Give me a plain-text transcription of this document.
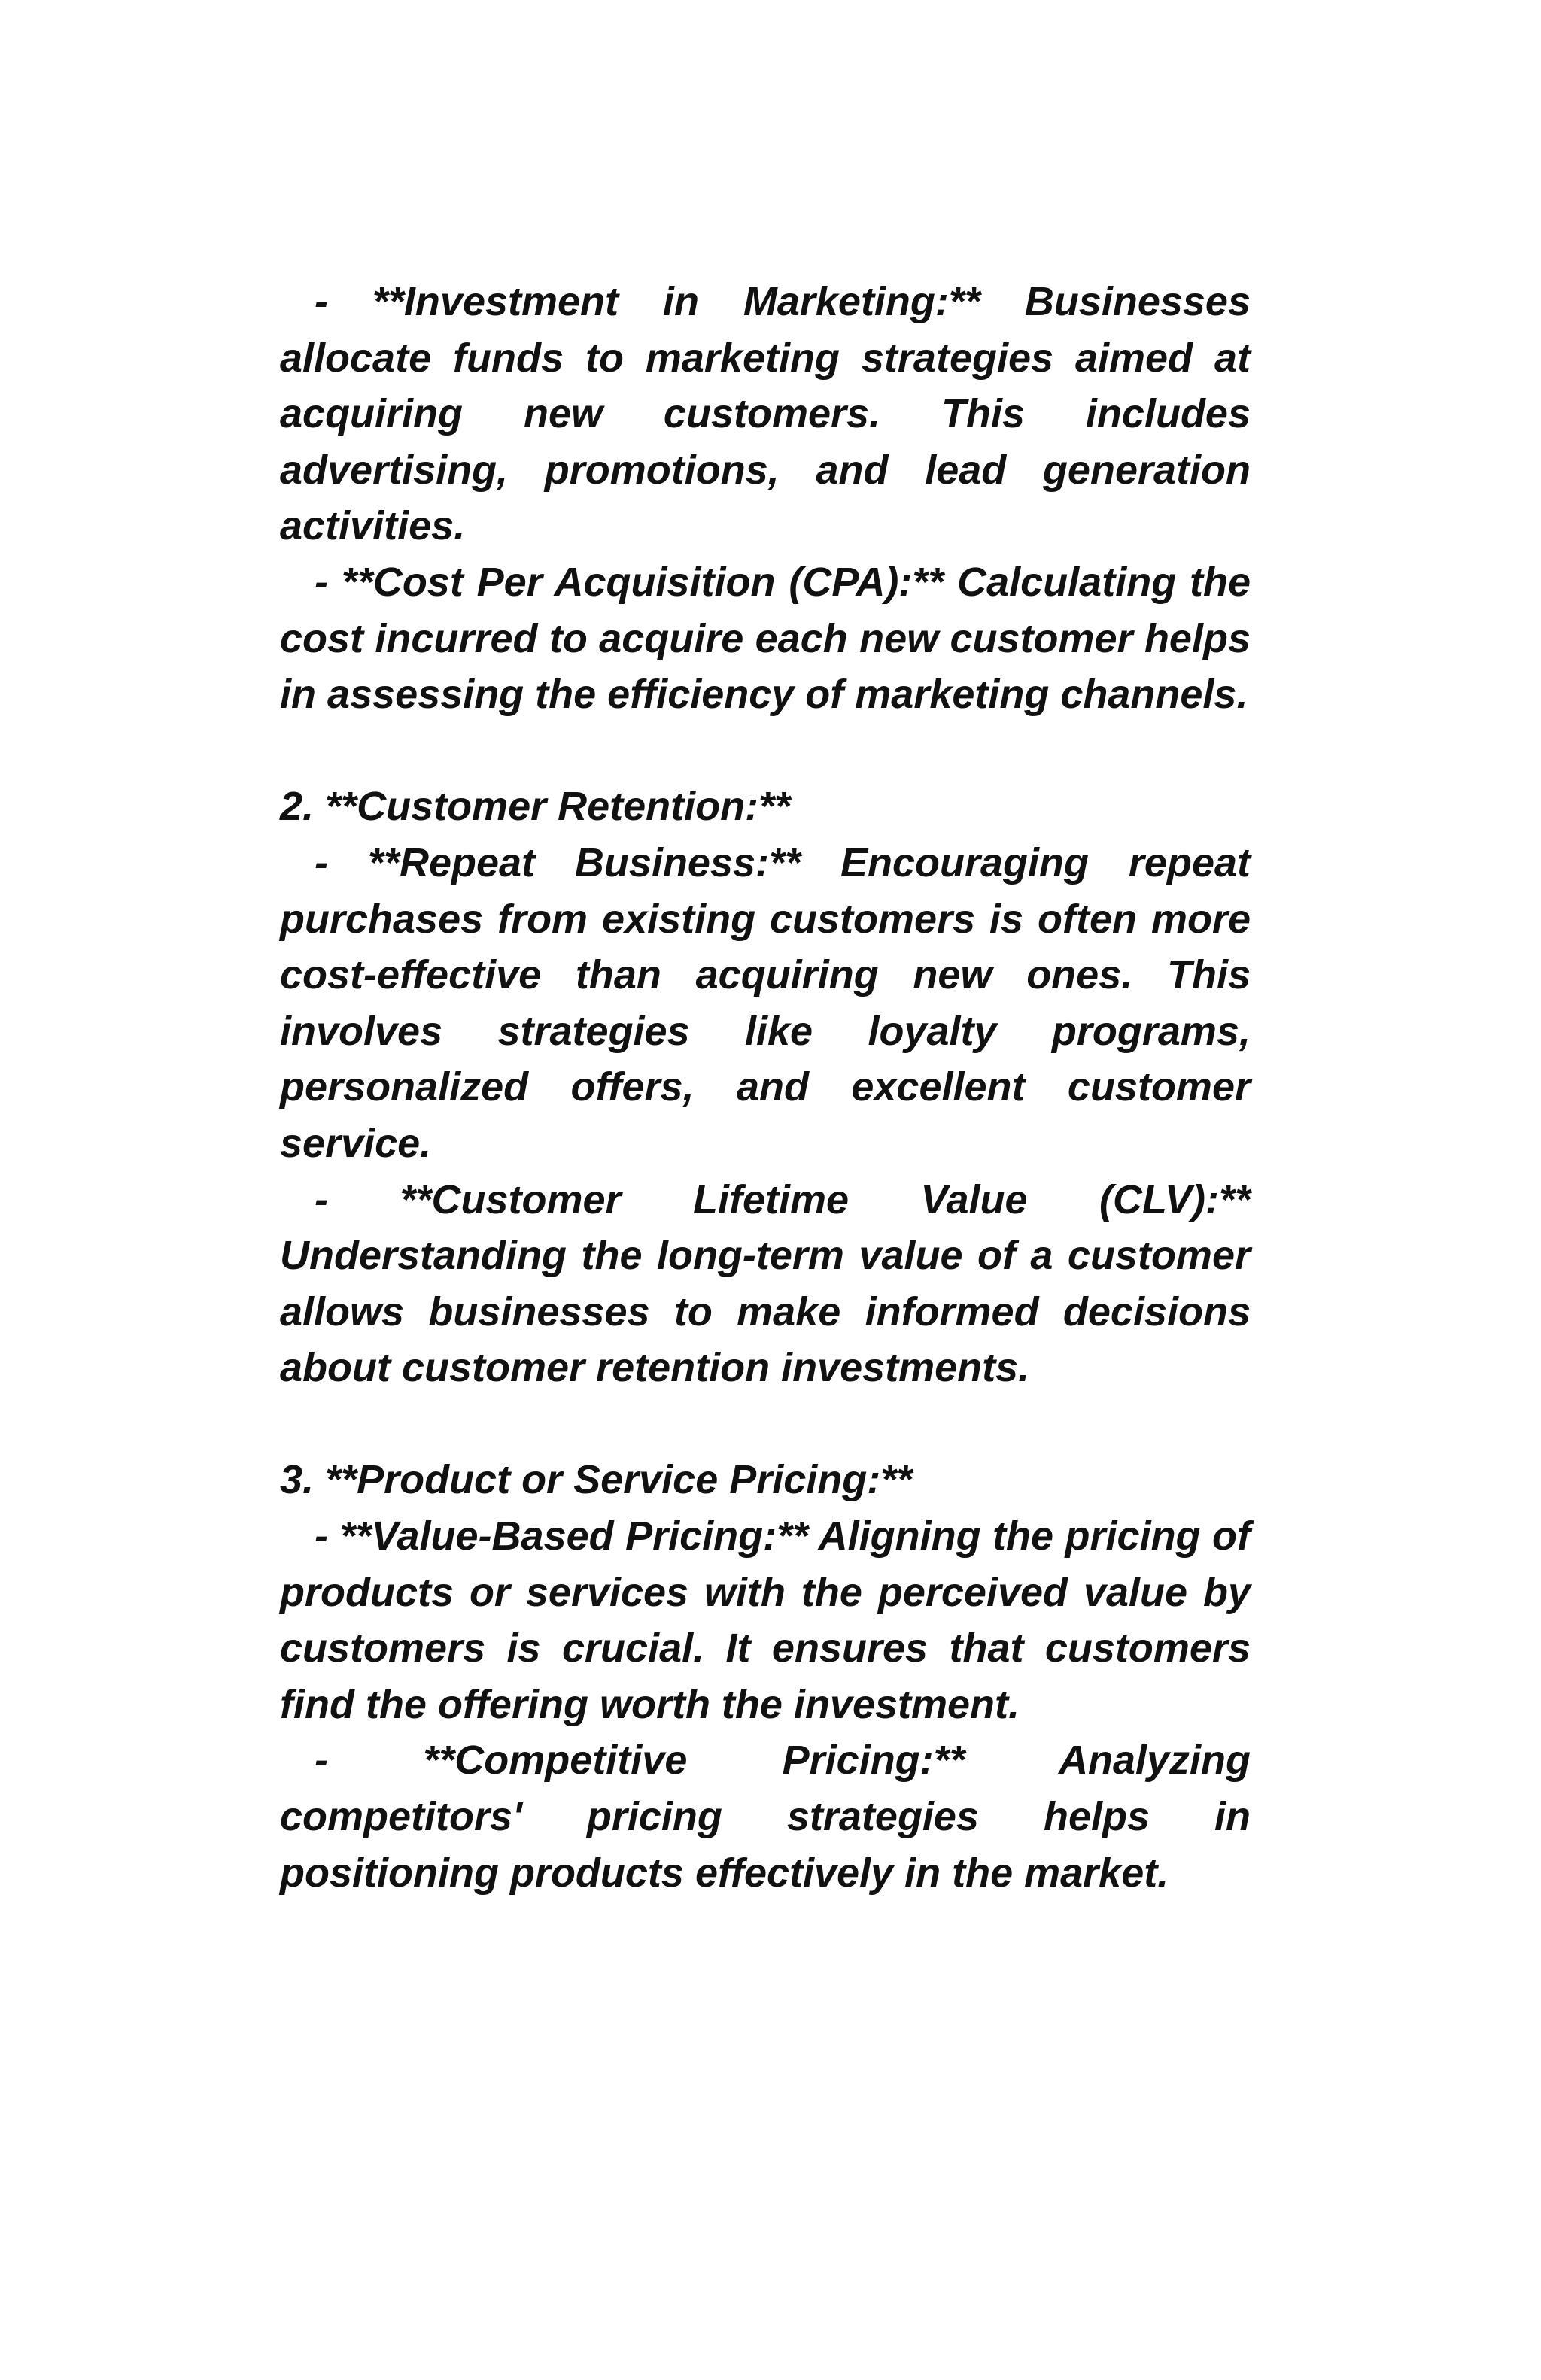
- **Investment in Marketing:** Businesses allocate funds to marketing strategies aimed at acquiring new customers. This includes advertising, promotions, and lead generation activities.

- **Cost Per Acquisition (CPA):** Calculating the cost incurred to acquire each new customer helps in assessing the efficiency of marketing channels.

2. **Customer Retention:**

- **Repeat Business:** Encouraging repeat purchases from existing customers is often more cost-effective than acquiring new ones. This involves strategies like loyalty programs, personalized offers, and excellent customer service.

- **Customer Lifetime Value (CLV):** Understanding the long-term value of a customer allows businesses to make informed decisions about customer retention investments.

3. **Product or Service Pricing:**

- **Value-Based Pricing:** Aligning the pricing of products or services with the perceived value by customers is crucial. It ensures that customers find the offering worth the investment.

- **Competitive Pricing:** Analyzing competitors' pricing strategies helps in positioning products effectively in the market.
